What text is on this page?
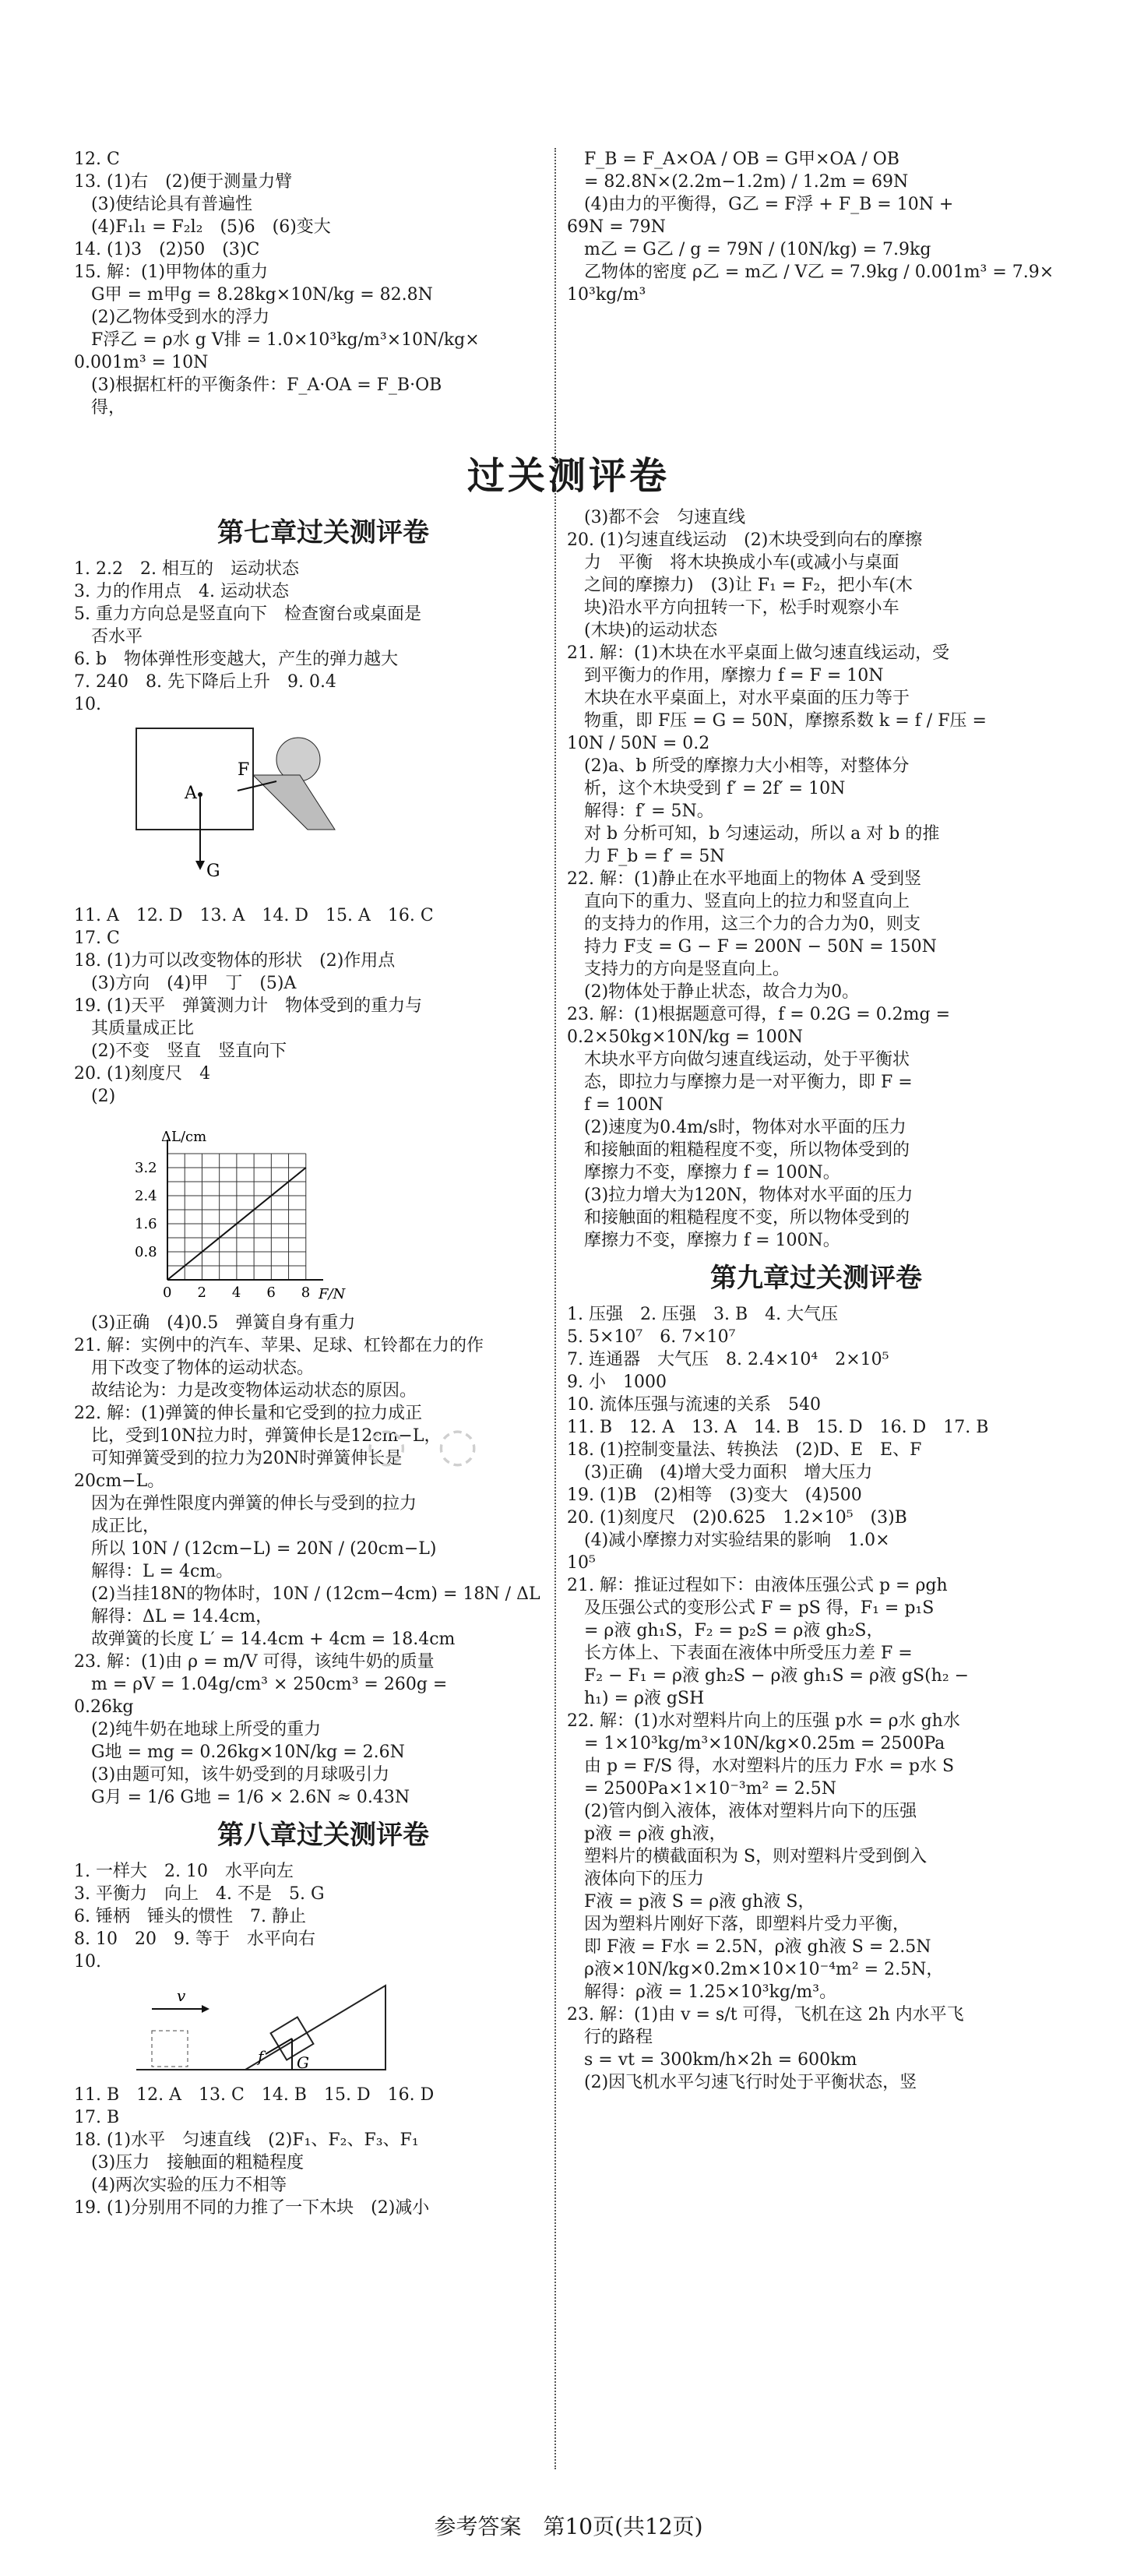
12. C
13. (1)右　(2)便于测量力臂
(3)使结论具有普遍性
(4)F₁l₁ = F₂l₂　(5)6　(6)变大
14. (1)3　(2)50　(3)C
15. 解：(1)甲物体的重力
G甲 = m甲g = 8.28kg×10N/kg = 82.8N
(2)乙物体受到水的浮力
F浮乙 = ρ水 g V排 = 1.0×10³kg/m³×10N/kg×
0.001m³ = 10N
(3)根据杠杆的平衡条件：F_A·OA = F_B·OB
得，
F_B = F_A×OA / OB = G甲×OA / OB
= 82.8N×(2.2m−1.2m) / 1.2m = 69N
(4)由力的平衡得，G乙 = F浮 + F_B = 10N +
69N = 79N
m乙 = G乙 / g = 79N / (10N/kg) = 7.9kg
乙物体的密度 ρ乙 = m乙 / V乙 = 7.9kg / 0.001m³ = 7.9×
10³kg/m³
过关测评卷
第七章过关测评卷
1. 2.2　2. 相互的　运动状态
3. 力的作用点　4. 运动状态
5. 重力方向总是竖直向下　检查窗台或桌面是
否水平
6. b　物体弹性形变越大，产生的弹力越大
7. 240　8. 先下降后上升　9. 0.4
10.
F
A
G
11. A　12. D　13. A　14. D　15. A　16. C
17. C
18. (1)力可以改变物体的形状　(2)作用点
(3)方向　(4)甲　丁　(5)A
19. (1)天平　弹簧测力计　物体受到的重力与
其质量成正比
(2)不变　竖直　竖直向下
20. (1)刻度尺　4
(2)
0 2 4 6 8
0.8
1.6
2.4
3.2
F/N
ΔL/cm
(3)正确　(4)0.5　弹簧自身有重力
21. 解：实例中的汽车、苹果、足球、杠铃都在力的作
用下改变了物体的运动状态。
故结论为：力是改变物体运动状态的原因。
22. 解：(1)弹簧的伸长量和它受到的拉力成正
比，受到10N拉力时，弹簧伸长是12cm−L，
可知弹簧受到的拉力为20N时弹簧伸长是
20cm−L。
因为在弹性限度内弹簧的伸长与受到的拉力
成正比，
所以 10N / (12cm−L) = 20N / (20cm−L)
解得：L = 4cm。
(2)当挂18N的物体时，10N / (12cm−4cm) = 18N / ΔL
解得：ΔL = 14.4cm，
故弹簧的长度 L′ = 14.4cm + 4cm = 18.4cm
23. 解：(1)由 ρ = m/V 可得，该纯牛奶的质量
m = ρV = 1.04g/cm³ × 250cm³ = 260g =
0.26kg
(2)纯牛奶在地球上所受的重力
G地 = mg = 0.26kg×10N/kg = 2.6N
(3)由题可知，该牛奶受到的月球吸引力
G月 = 1/6 G地 = 1/6 × 2.6N ≈ 0.43N
第八章过关测评卷
1. 一样大　2. 10　水平向左
3. 平衡力　向上　4. 不是　5. G
6. 锤柄　锤头的惯性　7. 静止
8. 10　20　9. 等于　水平向右
10.
v
f G
11. B　12. A　13. C　14. B　15. D　16. D
17. B
18. (1)水平　匀速直线　(2)F₁、F₂、F₃、F₁
(3)压力　接触面的粗糙程度
(4)两次实验的压力不相等
19. (1)分别用不同的力推了一下木块　(2)减小
(3)都不会　匀速直线
20. (1)匀速直线运动　(2)木块受到向右的摩擦
力　平衡　将木块换成小车(或减小与桌面
之间的摩擦力)　(3)让 F₁ = F₂，把小车(木
块)沿水平方向扭转一下，松手时观察小车
(木块)的运动状态
21. 解：(1)木块在水平桌面上做匀速直线运动，受
到平衡力的作用，摩擦力 f = F = 10N
木块在水平桌面上，对水平桌面的压力等于
物重，即 F压 = G = 50N，摩擦系数 k = f / F压 =
10N / 50N = 0.2
(2)a、b 所受的摩擦力大小相等，对整体分
析，这个木块受到 f′ = 2f′ = 10N
解得：f′ = 5N。
对 b 分析可知，b 匀速运动，所以 a 对 b 的推
力 F_b = f′ = 5N
22. 解：(1)静止在水平地面上的物体 A 受到竖
直向下的重力、竖直向上的拉力和竖直向上
的支持力的作用，这三个力的合力为0，则支
持力 F支 = G − F = 200N − 50N = 150N
支持力的方向是竖直向上。
(2)物体处于静止状态，故合力为0。
23. 解：(1)根据题意可得，f = 0.2G = 0.2mg =
0.2×50kg×10N/kg = 100N
木块水平方向做匀速直线运动，处于平衡状
态，即拉力与摩擦力是一对平衡力，即 F =
f = 100N
(2)速度为0.4m/s时，物体对水平面的压力
和接触面的粗糙程度不变，所以物体受到的
摩擦力不变，摩擦力 f = 100N。
(3)拉力增大为120N，物体对水平面的压力
和接触面的粗糙程度不变，所以物体受到的
摩擦力不变，摩擦力 f = 100N。
第九章过关测评卷
1. 压强　2. 压强　3. B　4. 大气压
5. 5×10⁷　6. 7×10⁷
7. 连通器　大气压　8. 2.4×10⁴　2×10⁵
9. 小　1000
10. 流体压强与流速的关系　540
11. B　12. A　13. A　14. B　15. D　16. D　17. B
18. (1)控制变量法、转换法　(2)D、E　E、F
(3)正确　(4)增大受力面积　增大压力
19. (1)B　(2)相等　(3)变大　(4)500
20. (1)刻度尺　(2)0.625　1.2×10⁵　(3)B
(4)减小摩擦力对实验结果的影响　1.0×
10⁵
21. 解：推证过程如下：由液体压强公式 p = ρgh
及压强公式的变形公式 F = pS 得，F₁ = p₁S
= ρ液 gh₁S，F₂ = p₂S = ρ液 gh₂S，
长方体上、下表面在液体中所受压力差 F =
F₂ − F₁ = ρ液 gh₂S − ρ液 gh₁S = ρ液 gS(h₂ −
h₁) = ρ液 gSH
22. 解：(1)水对塑料片向上的压强 p水 = ρ水 gh水
= 1×10³kg/m³×10N/kg×0.25m = 2500Pa
由 p = F/S 得，水对塑料片的压力 F水 = p水 S
= 2500Pa×1×10⁻³m² = 2.5N
(2)管内倒入液体，液体对塑料片向下的压强
p液 = ρ液 gh液，
塑料片的横截面积为 S，则对塑料片受到倒入
液体向下的压力
F液 = p液 S = ρ液 gh液 S，
因为塑料片刚好下落，即塑料片受力平衡，
即 F液 = F水 = 2.5N，ρ液 gh液 S = 2.5N
ρ液×10N/kg×0.2m×10×10⁻⁴m² = 2.5N，
解得：ρ液 = 1.25×10³kg/m³。
23. 解：(1)由 v = s/t 可得，飞机在这 2h 内水平飞
行的路程
s = vt = 300km/h×2h = 600km
(2)因飞机水平匀速飞行时处于平衡状态，竖
◌ ◌
参考答案　第10页(共12页)
